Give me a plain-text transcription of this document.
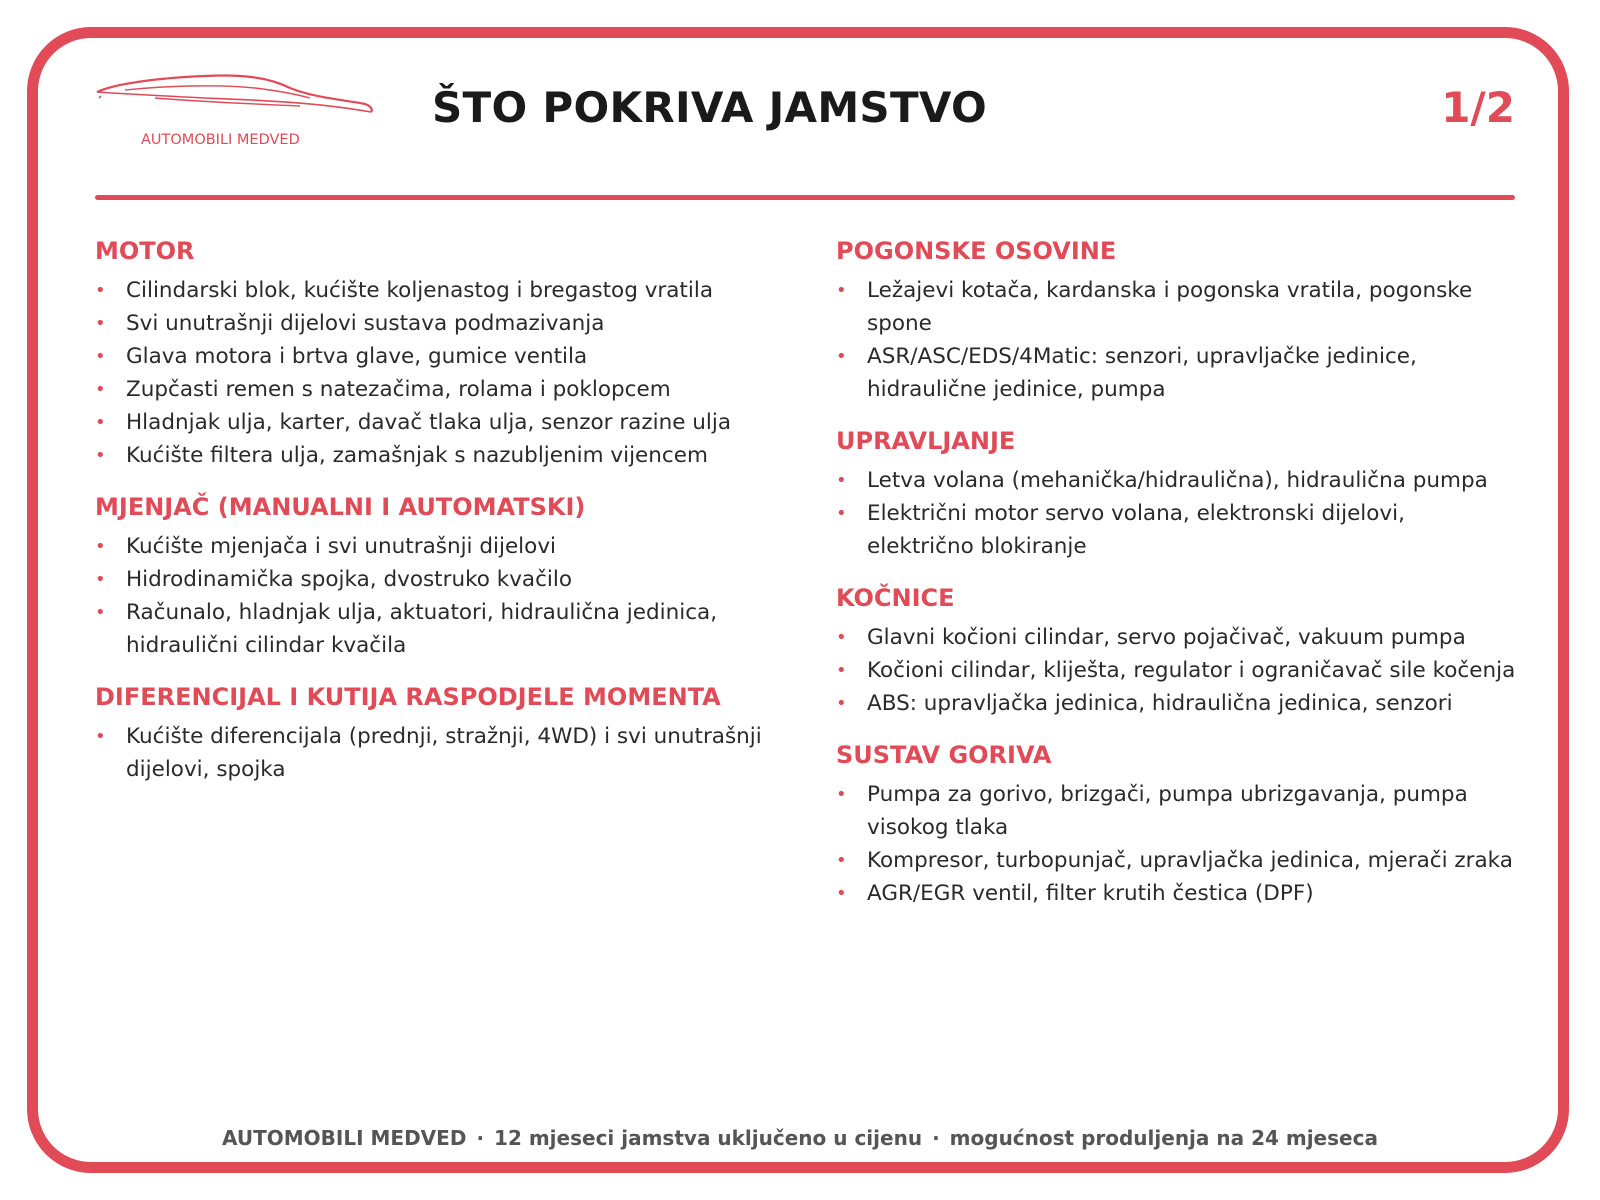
AUTOMOBILI MEDVED
ŠTO POKRIVA JAMSTVO	1/2
MOTOR
• Cilindarski blok, kućište koljenastog i bregastog vratila
• Svi unutrašnji dijelovi sustava podmazivanja
• Glava motora i brtva glave, gumice ventila
• Zupčasti remen s natezačima, rolama i poklopcem
• Hladnjak ulja, karter, davač tlaka ulja, senzor razine ulja
• Kućište filtera ulja, zamašnjak s nazubljenim vijencem
MJENJAČ (MANUALNI I AUTOMATSKI)
• Kućište mjenjača i svi unutrašnji dijelovi
• Hidrodinamička spojka, dvostruko kvačilo
• Računalo, hladnjak ulja, aktuatori, hidraulična jedinica, hidraulični cilindar kvačila
DIFERENCIJAL I KUTIJA RASPODJELE MOMENTA
• Kućište diferencijala (prednji, stražnji, 4WD) i svi unutrašnji dijelovi, spojka
POGONSKE OSOVINE
• Ležajevi kotača, kardanska i pogonska vratila, pogonske spone
• ASR/ASC/EDS/4Matic: senzori, upravljačke jedinice, hidraulične jedinice, pumpa
UPRAVLJANJE
• Letva volana (mehanička/hidraulična), hidraulična pumpa
• Električni motor servo volana, elektronski dijelovi, električno blokiranje
KOČNICE
• Glavni kočioni cilindar, servo pojačivač, vakuum pumpa
• Kočioni cilindar, kliješta, regulator i ograničavač sile kočenja
• ABS: upravljačka jedinica, hidraulična jedinica, senzori
SUSTAV GORIVA
• Pumpa za gorivo, brizgači, pumpa ubrizgavanja, pumpa visokog tlaka
• Kompresor, turbopunjač, upravljačka jedinica, mjerači zraka
• AGR/EGR ventil, filter krutih čestica (DPF)
AUTOMOBILI MEDVED · 12 mjeseci jamstva uključeno u cijenu · mogućnost produljenja na 24 mjeseca
